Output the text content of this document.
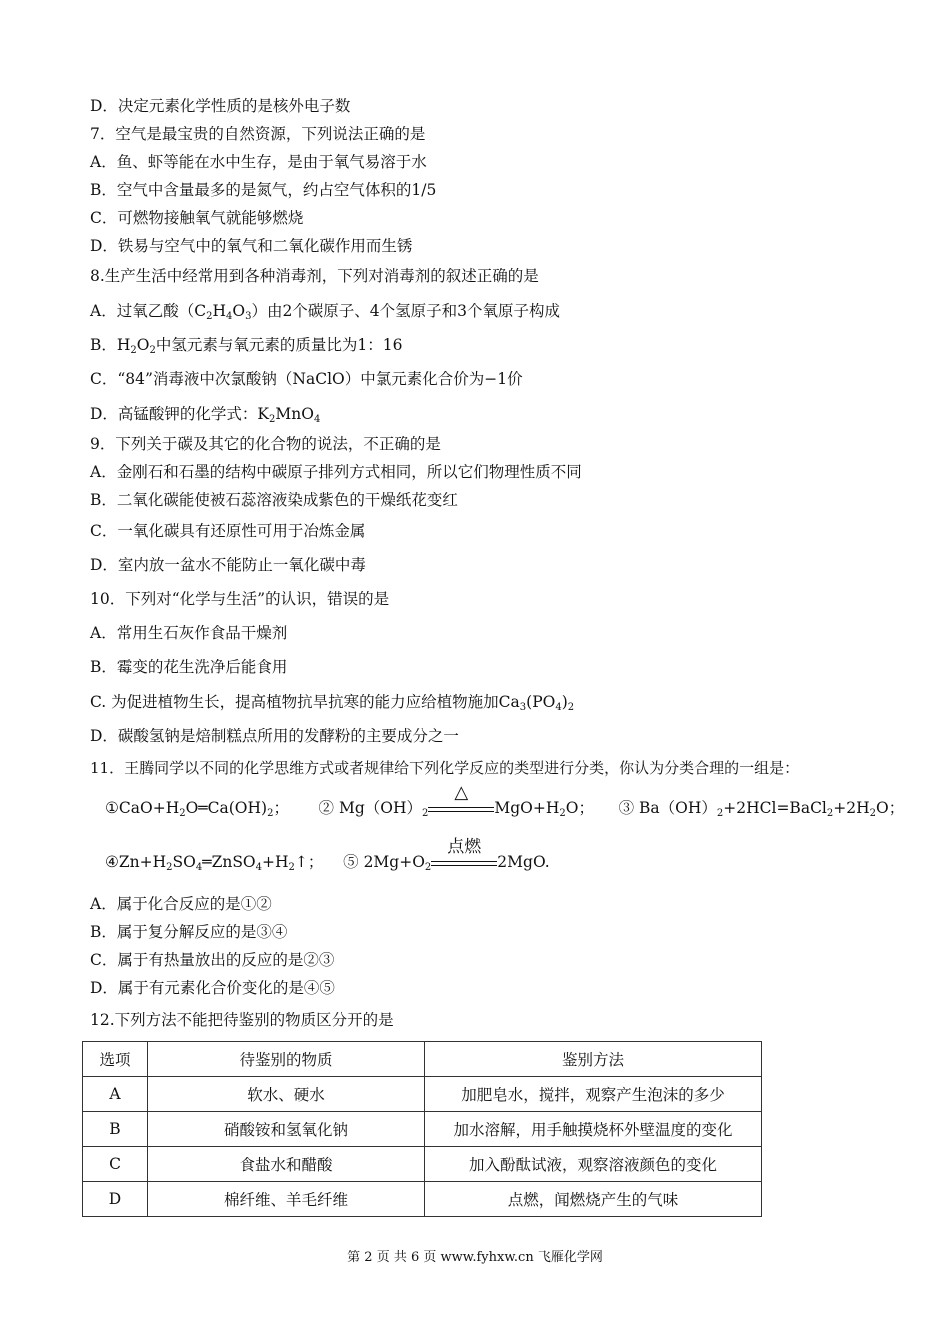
D．决定元素化学性质的是核外电子数
7．空气是最宝贵的自然资源，下列说法正确的是
A．鱼、虾等能在水中生存，是由于氧气易溶于水
B．空气中含量最多的是氮气，约占空气体积的1/5
C．可燃物接触氧气就能够燃烧
D．铁易与空气中的氧气和二氧化碳作用而生锈
8.生产生活中经常用到各种消毒剂，下列对消毒剂的叙述正确的是
A．过氧乙酸$(C_2H_4O_3)$由2个碳原子、4个氢原子和3个氧原子构成
B．$H_2O_2$中氢元素与氧元素的质量比为1：16
C．“84”消毒液中次氯酸钠（NaClO）中氯元素化合价为−1价
D．高锰酸钾的化学式：$K_2MnO_4$
9．下列关于碳及其它的化合物的说法，不正确的是
A．金刚石和石墨的结构中碳原子排列方式相同，所以它们物理性质不同
B．二氧化碳能使被石蕊溶液染成紫色的干燥纸花变红
C．一氧化碳具有还原性可用于冶炼金属
D．室内放一盆水不能防止一氧化碳中毒
10．下列对“化学与生活”的认识，错误的是
A．常用生石灰作食品干燥剂
B．霉变的花生洗净后能食用
C. 为促进植物生长，提高植物抗旱抗寒的能力应给植物施加$Ca_3(PO_4)_2$
D．碳酸氢钠是焙制糕点所用的发酵粉的主要成分之一
11．王腾同学以不同的化学思维方式或者规律给下列化学反应的类型进行分类，你认为分类合理的一组是：
$①CaO+H_2O═Ca(OH)_2$； ② $Mg(OH)_2$
△
$MgO+H_2O$； ③ $Ba(OH)_2+2HCl=BaCl_2+2H_2O$；
$④Zn+H_2SO_4═ZnSO_4+H_2↑$； ⑤ $2Mg+O_2$
点燃
2MgO.
A．属于化合反应的是①②
B．属于复分解反应的是③④
C．属于有热量放出的反应的是②③
D．属于有元素化合价变化的是④⑤
12.下列方法不能把待鉴别的物质区分开的是
选项	待鉴别的物质	鉴别方法
A	软水、硬水	加肥皂水，搅拌，观察产生泡沫的多少
B	硝酸铵和氢氧化钠	加水溶解，用手触摸烧杯外壁温度的变化
C	食盐水和醋酸	加入酚酞试液，观察溶液颜色的变化
D	棉纤维、羊毛纤维	点燃，闻燃烧产生的气味
第 2 页 共 6 页 www.fyhxw.cn 飞雁化学网
